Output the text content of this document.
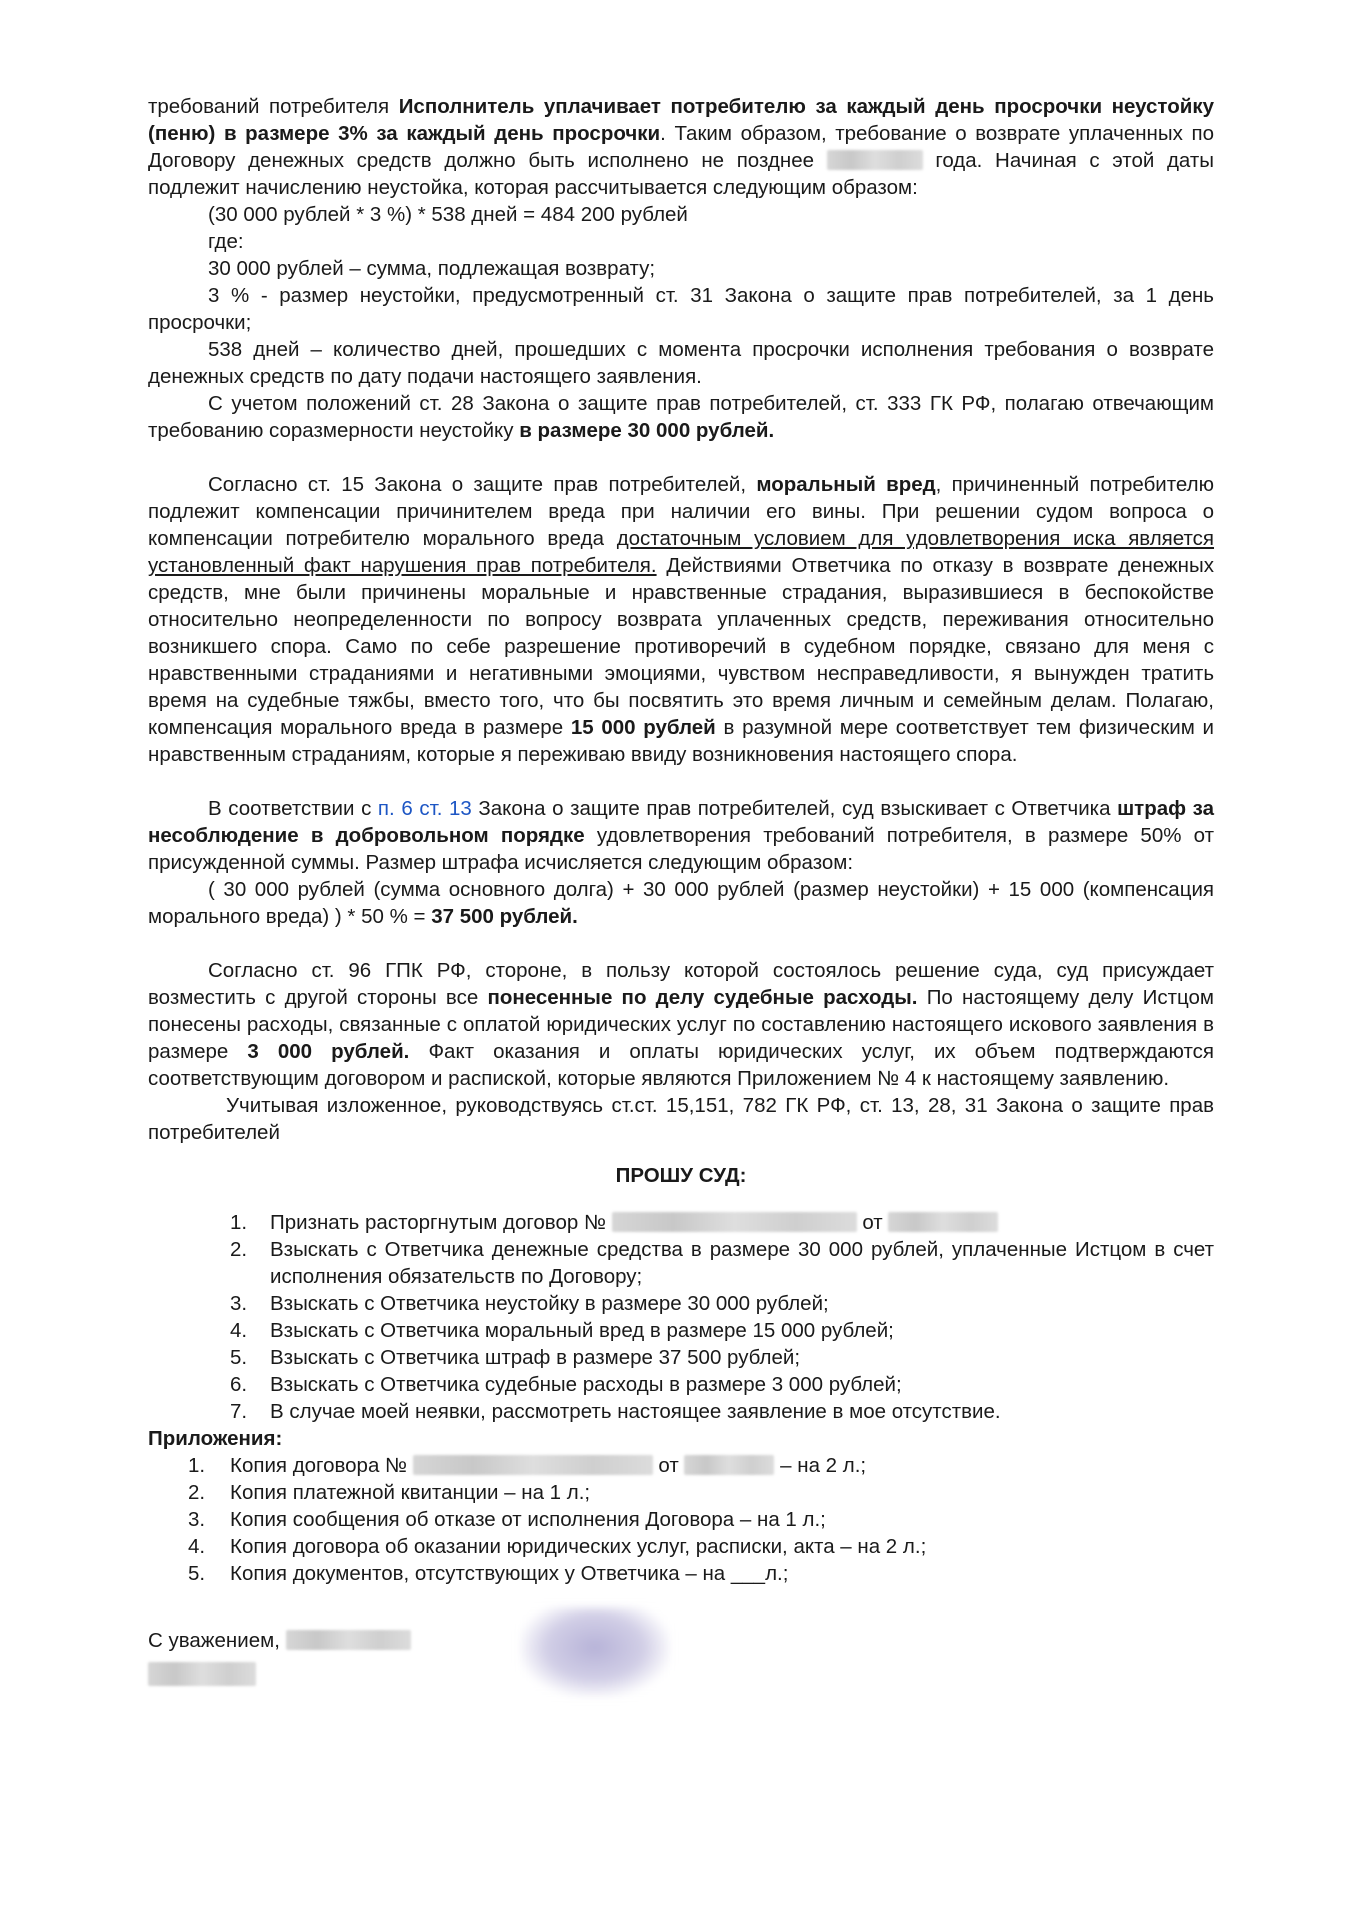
требований потребителя Исполнитель уплачивает потребителю за каждый день просрочки неустойку (пеню) в размере 3% за каждый день просрочки. Таким образом, требование о возврате уплаченных по Договору денежных средств должно быть исполнено не позднее	года. Начиная с этой даты подлежит начислению неустойка, которая рассчитывается следующим образом:

(30 000 рублей * 3 %) * 538 дней = 484 200 рублей

где:

30 000 рублей – сумма, подлежащая возврату;

3 % - размер неустойки, предусмотренный ст. 31 Закона о защите прав потребителей, за 1 день просрочки;

538 дней – количество дней, прошедших с момента просрочки исполнения требования о возврате денежных средств по дату подачи настоящего заявления.

С учетом положений ст. 28 Закона о защите прав потребителей, ст. 333 ГК РФ, полагаю отвечающим требованию соразмерности неустойку в размере 30 000 рублей.

Согласно ст. 15 Закона о защите прав потребителей, моральный вред, причиненный потребителю подлежит компенсации причинителем вреда при наличии его вины. При решении судом вопроса о компенсации потребителю морального вреда достаточным условием для удовлетворения иска является установленный факт нарушения прав потребителя. Действиями Ответчика по отказу в возврате денежных средств, мне были причинены моральные и нравственные страдания, выразившиеся в беспокойстве относительно неопределенности по вопросу возврата уплаченных средств, переживания относительно возникшего спора. Само по себе разрешение противоречий в судебном порядке, связано для меня с нравственными страданиями и негативными эмоциями, чувством несправедливости, я вынужден тратить время на судебные тяжбы, вместо того, что бы посвятить это время личным и семейным делам. Полагаю, компенсация морального вреда в размере 15 000 рублей в разумной мере соответствует тем физическим и нравственным страданиям, которые я переживаю ввиду возникновения настоящего спора.

В соответствии с п. 6 ст. 13 Закона о защите прав потребителей, суд взыскивает с Ответчика штраф за несоблюдение в добровольном порядке удовлетворения требований потребителя, в размере 50% от присужденной суммы. Размер штрафа исчисляется следующим образом:

( 30 000 рублей (сумма основного долга) + 30 000 рублей (размер неустойки) + 15 000 (компенсация морального вреда) ) * 50 % = 37 500 рублей.

Согласно ст. 96 ГПК РФ, стороне, в пользу которой состоялось решение суда, суд присуждает возместить с другой стороны все понесенные по делу судебные расходы. По настоящему делу Истцом понесены расходы, связанные с оплатой юридических услуг по составлению настоящего искового заявления в размере 3 000 рублей. Факт оказания и оплаты юридических услуг, их объем подтверждаются соответствующим договором и распиской, которые являются Приложением № 4 к настоящему заявлению.

Учитывая изложенное, руководствуясь ст.ст. 15,151, 782 ГК РФ, ст. 13, 28, 31 Закона о защите прав потребителей

ПРОШУ СУД:
1. Признать расторгнутым договор №	от
2. Взыскать с Ответчика денежные средства в размере 30 000 рублей, уплаченные Истцом в счет исполнения обязательств по Договору;
3. Взыскать с Ответчика неустойку в размере 30 000 рублей;
4. Взыскать с Ответчика моральный вред в размере 15 000 рублей;
5. Взыскать с Ответчика штраф в размере 37 500 рублей;
6. Взыскать с Ответчика судебные расходы в размере 3 000 рублей;
7. В случае моей неявки, рассмотреть настоящее заявление в мое отсутствие.

Приложения:

1. Копия договора №	от	– на 2 л.;
2. Копия платежной квитанции – на 1 л.;
3. Копия сообщения об отказе от исполнения Договора – на 1 л.;
4. Копия договора об оказании юридических услуг, расписки, акта – на 2 л.;
5. Копия документов, отсутствующих у Ответчика – на ___л.;
С уважением,
